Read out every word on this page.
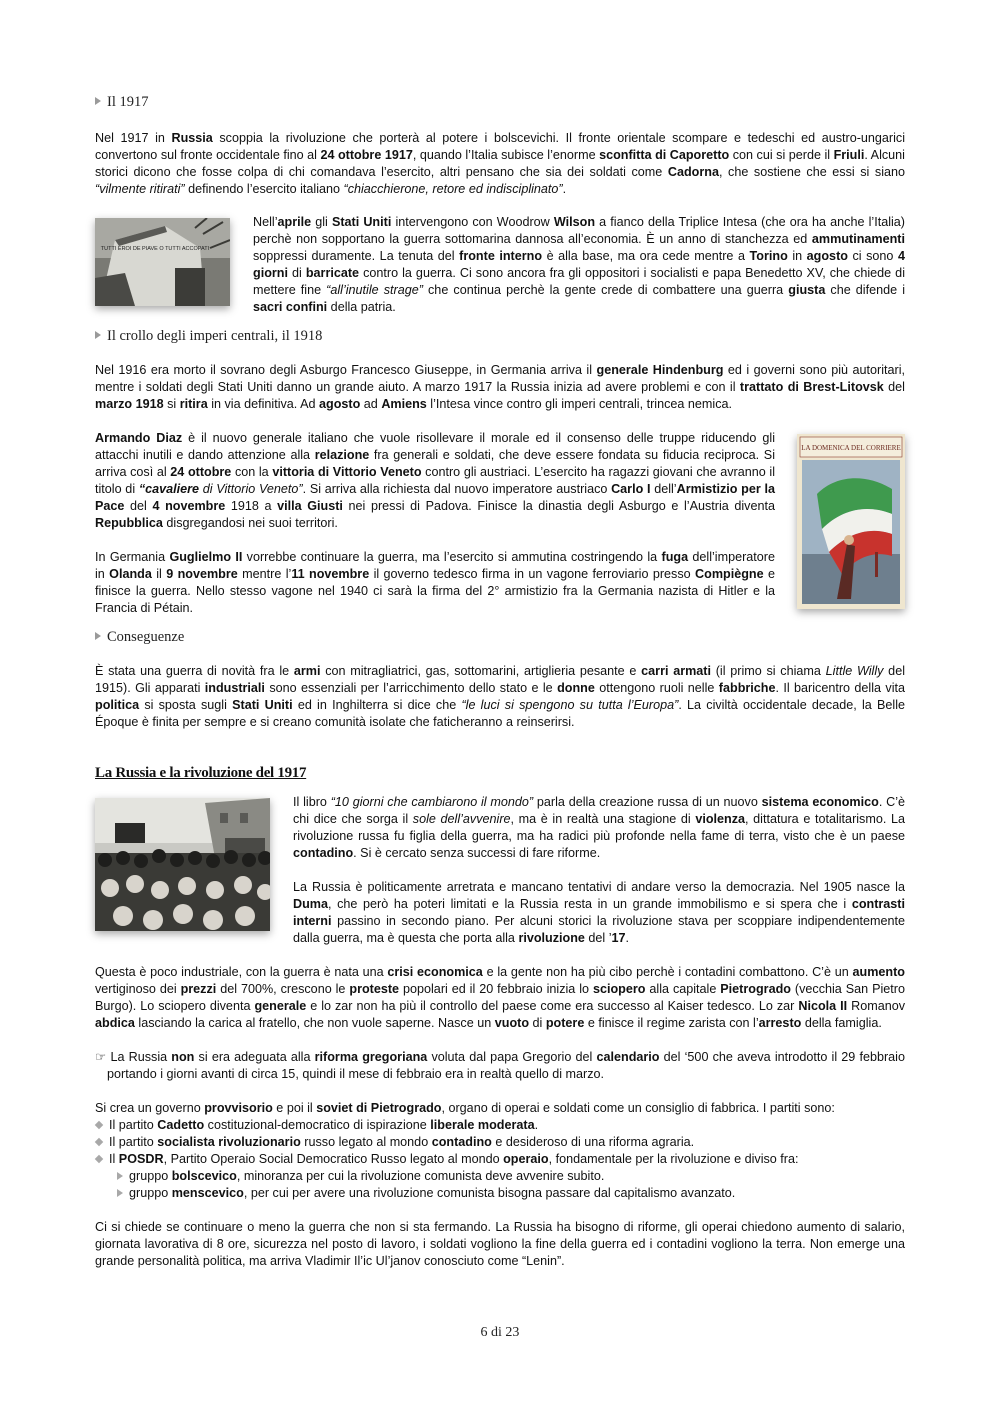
Il 1917

Nel 1917 in Russia scoppia la rivoluzione che porterà al potere i bolscevichi. Il fronte orientale scompare e tedeschi ed austro-ungarici convertono sul fronte occidentale fino al 24 ottobre 1917, quando l’Italia subisce l’enorme sconfitta di Caporetto con cui si perde il Friuli. Alcuni storici dicono che fosse colpa di chi comandava l’esercito, altri pensano che sia dei soldati come Cadorna, che sostiene che essi si siano “vilmente ritirati” definendo l’esercito italiano “chiacchierone, retore ed indisciplinato”.

TUTTI EROI DE PIAVE O TUTTI ACCOPATI

Nell’aprile gli Stati Uniti intervengono con Woodrow Wilson a fianco della Triplice Intesa (che ora ha anche l’Italia) perchè non sopportano la guerra sottomarina dannosa all’economia. È un anno di stanchezza ed ammutinamenti soppressi duramente. La tenuta del fronte interno è alla base, ma ora cede mentre a Torino in agosto ci sono 4 giorni di barricate contro la guerra. Ci sono ancora fra gli oppositori i socialisti e papa Benedetto XV, che chiede di mettere fine “all’inutile strage” che continua perchè la gente crede di combattere una guerra giusta che difende i sacri confini della patria.

Il crollo degli imperi centrali, il 1918

Nel 1916 era morto il sovrano degli Asburgo Francesco Giuseppe, in Germania arriva il generale Hindenburg ed i governi sono più autoritari, mentre i soldati degli Stati Uniti danno un grande aiuto. A marzo 1917 la Russia inizia ad avere problemi e con il trattato di Brest-Litovsk del marzo 1918 si ritira in via definitiva. Ad agosto ad Amiens l’Intesa vince contro gli imperi centrali, trincea nemica.

Armando Diaz è il nuovo generale italiano che vuole risollevare il morale ed il consenso delle truppe riducendo gli attacchi inutili e dando attenzione alla relazione fra generali e soldati, che deve essere fondata su fiducia reciproca. Si arriva così al 24 ottobre con la vittoria di Vittorio Veneto contro gli austriaci. L’esercito ha ragazzi giovani che avranno il titolo di “cavaliere di Vittorio Veneto”. Si arriva alla richiesta dal nuovo imperatore austriaco Carlo I dell’Armistizio per la Pace del 4 novembre 1918 a villa Giusti nei pressi di Padova. Finisce la dinastia degli Asburgo e l’Austria diventa Repubblica disgregandosi nei suoi territori.

In Germania Guglielmo II vorrebbe continuare la guerra, ma l’esercito si ammutina costringendo la fuga dell’imperatore in Olanda il 9 novembre mentre l’11 novembre il governo tedesco firma in un vagone ferroviario presso Compiègne e finisce la guerra. Nello stesso vagone nel 1940 ci sarà la firma del 2° armistizio fra la Germania nazista di Hitler e la Francia di Pétain.

LA DOMENICA DEL CORRIERE
Conseguenze

È stata una guerra di novità fra le armi con mitragliatrici, gas, sottomarini, artiglieria pesante e carri armati (il primo si chiama Little Willy del 1915). Gli apparati industriali sono essenziali per l’arricchimento dello stato e le donne ottengono ruoli nelle fabbriche. Il baricentro della vita politica si sposta sugli Stati Uniti ed in Inghilterra si dice che “le luci si spengono su tutta l’Europa”. La civiltà occidentale decade, la Belle Époque è finita per sempre e si creano comunità isolate che faticheranno a reinserirsi.

La Russia e la rivoluzione del 1917

Il libro “10 giorni che cambiarono il mondo” parla della creazione russa di un nuovo sistema economico. C’è chi dice che sorga il sole dell’avvenire, ma è in realtà una stagione di violenza, dittatura e totalitarismo. La rivoluzione russa fu figlia della guerra, ma ha radici più profonde nella fame di terra, visto che è un paese contadino. Si è cercato senza successi di fare riforme.

La Russia è politicamente arretrata e mancano tentativi di andare verso la democrazia. Nel 1905 nasce la Duma, che però ha poteri limitati e la Russia resta in un grande immobilismo e si spera che i contrasti interni passino in secondo piano. Per alcuni storici la rivoluzione stava per scoppiare indipendentemente dalla guerra, ma è questa che porta alla rivoluzione del ’17.

Questa è poco industriale, con la guerra è nata una crisi economica e la gente non ha più cibo perchè i contadini combattono. C’è un aumento vertiginoso dei prezzi del 700%, crescono le proteste popolari ed il 20 febbraio inizia lo sciopero alla capitale Pietrogrado (vecchia San Pietro Burgo). Lo sciopero diventa generale e lo zar non ha più il controllo del paese come era successo al Kaiser tedesco. Lo zar Nicola II Romanov abdica lasciando la carica al fratello, che non vuole saperne. Nasce un vuoto di potere e finisce il regime zarista con l’arresto della famiglia.

☞ La Russia non si era adeguata alla riforma gregoriana voluta dal papa Gregorio del calendario del ‘500 che aveva introdotto il 29 febbraio portando i giorni avanti di circa 15, quindi il mese di febbraio era in realtà quello di marzo.

Si crea un governo provvisorio e poi il soviet di Pietrogrado, organo di operai e soldati come un consiglio di fabbrica. I partiti sono:

Il partito Cadetto costituzional-democratico di ispirazione liberale moderata.
Il partito socialista rivoluzionario russo legato al mondo contadino e desideroso di una riforma agraria.
Il POSDR, Partito Operaio Social Democratico Russo legato al mondo operaio, fondamentale per la rivoluzione e diviso fra:
gruppo bolscevico, minoranza per cui la rivoluzione comunista deve avvenire subito.
gruppo menscevico, per cui per avere una rivoluzione comunista bisogna passare dal capitalismo avanzato.

Ci si chiede se continuare o meno la guerra che non si sta fermando. La Russia ha bisogno di riforme, gli operai chiedono aumento di salario, giornata lavorativa di 8 ore, sicurezza nel posto di lavoro, i soldati vogliono la fine della guerra ed i contadini vogliono la terra. Non emerge una grande personalità politica, ma arriva Vladimir Il’ic Ul’janov conosciuto come “Lenin”.

6 di 23
